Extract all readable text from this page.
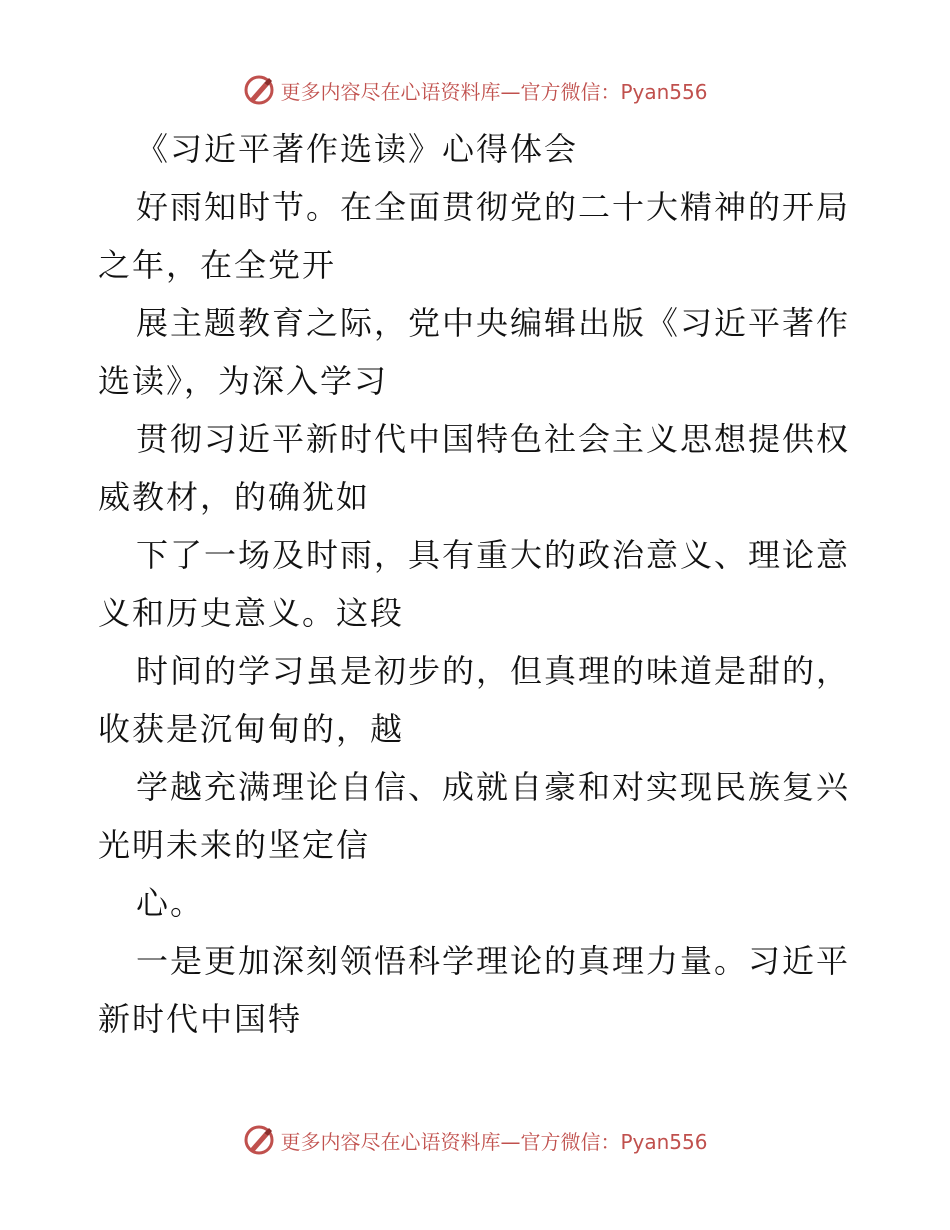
更多内容尽在心语资料库—官方微信：Pyan556

《习近平著作选读》心得体会

好雨知时节。在全面贯彻党的二十大精神的开局之年，在全党开

展主题教育之际，党中央编辑出版《习近平著作选读》，为深入学习

贯彻习近平新时代中国特色社会主义思想提供权威教材，的确犹如

下了一场及时雨，具有重大的政治意义、理论意义和历史意义。这段

时间的学习虽是初步的，但真理的味道是甜的，收获是沉甸甸的，越

学越充满理论自信、成就自豪和对实现民族复兴光明未来的坚定信

心。

一是更加深刻领悟科学理论的真理力量。习近平新时代中国特

更多内容尽在心语资料库—官方微信：Pyan556
